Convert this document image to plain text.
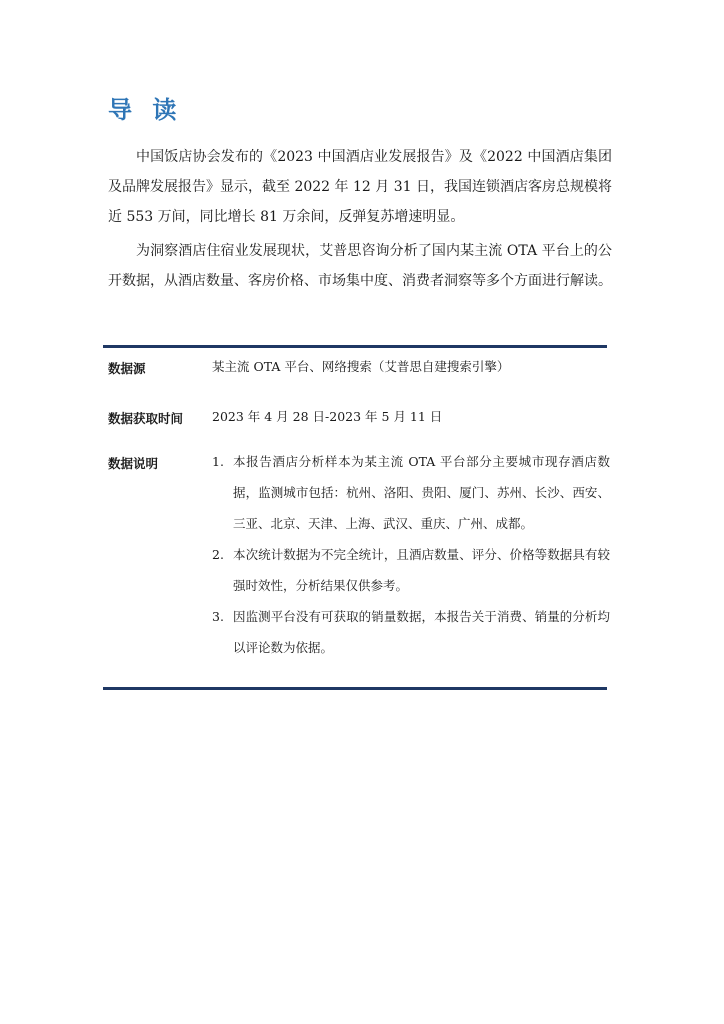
导 读

中国饭店协会发布的《2023 中国酒店业发展报告》及《2022 中国酒店集团及品牌发展报告》显示，截至 2022 年 12 月 31 日，我国连锁酒店客房总规模将近 553 万间，同比增长 81 万余间，反弹复苏增速明显。

为洞察酒店住宿业发展现状，艾普思咨询分析了国内某主流 OTA 平台上的公开数据，从酒店数量、客房价格、市场集中度、消费者洞察等多个方面进行解读。

数据源	某主流 OTA 平台、网络搜索（艾普思自建搜索引擎）
数据获取时间 2023 年 4 月 28 日-2023 年 5 月 11 日
数据说明	1. 本报告酒店分析样本为某主流 OTA 平台部分主要城市现存酒店数据，监测城市包括：杭州、洛阳、贵阳、厦门、苏州、长沙、西安、三亚、北京、天津、上海、武汉、重庆、广州、成都。
2. 本次统计数据为不完全统计，且酒店数量、评分、价格等数据具有较强时效性，分析结果仅供参考。
3. 因监测平台没有可获取的销量数据，本报告关于消费、销量的分析均以评论数为依据。
